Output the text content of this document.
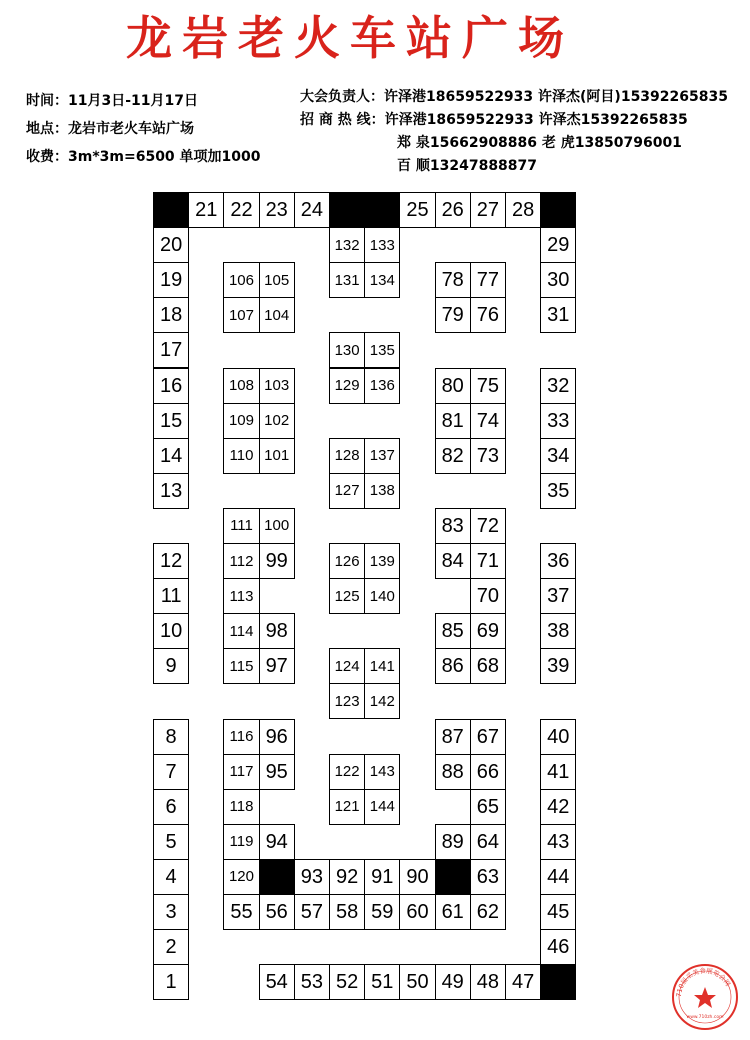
龙岩老火车站广场
时间：11月3日-11月17日
地点：龙岩市老火车站广场
收费：3m*3m=6500 单项加1000
大会负责人：许泽港18659522933 许泽杰(阿目)15392265835
招 商 热 线：许泽港18659522933 许泽杰15392265835
郑 泉15662908886 老 虎13850796001
百 顺13247888877
21 22 23 24	25 26 27 28
20
19
18
17
16
15
14
13
12
11
10
9
8
7
6
5
4
3
2
1
29
30
31
32
33
34
35
36
37
38
39
40
41
42
43
44
45
46
54 53 52 51 50 49 48 47
55 56 57 58 59 60 61 62
93 92 91 90
106
107
108
109
110
111
112
113
114
115
116
117
118
119
120
105
104
103
102
101
100
99
98
97
96
95
94
132
131
130
129
128
127
126
125
124
123
122
121
133
134
135
136
137
138
139
140
141
142
143
144
78
79
80
81
82
83
84
85
86
87
88
89
77
76
75
74
73
72
71
70
69
68
67
66
65
64
63
710届采美食展览会网
www.710zh.com
